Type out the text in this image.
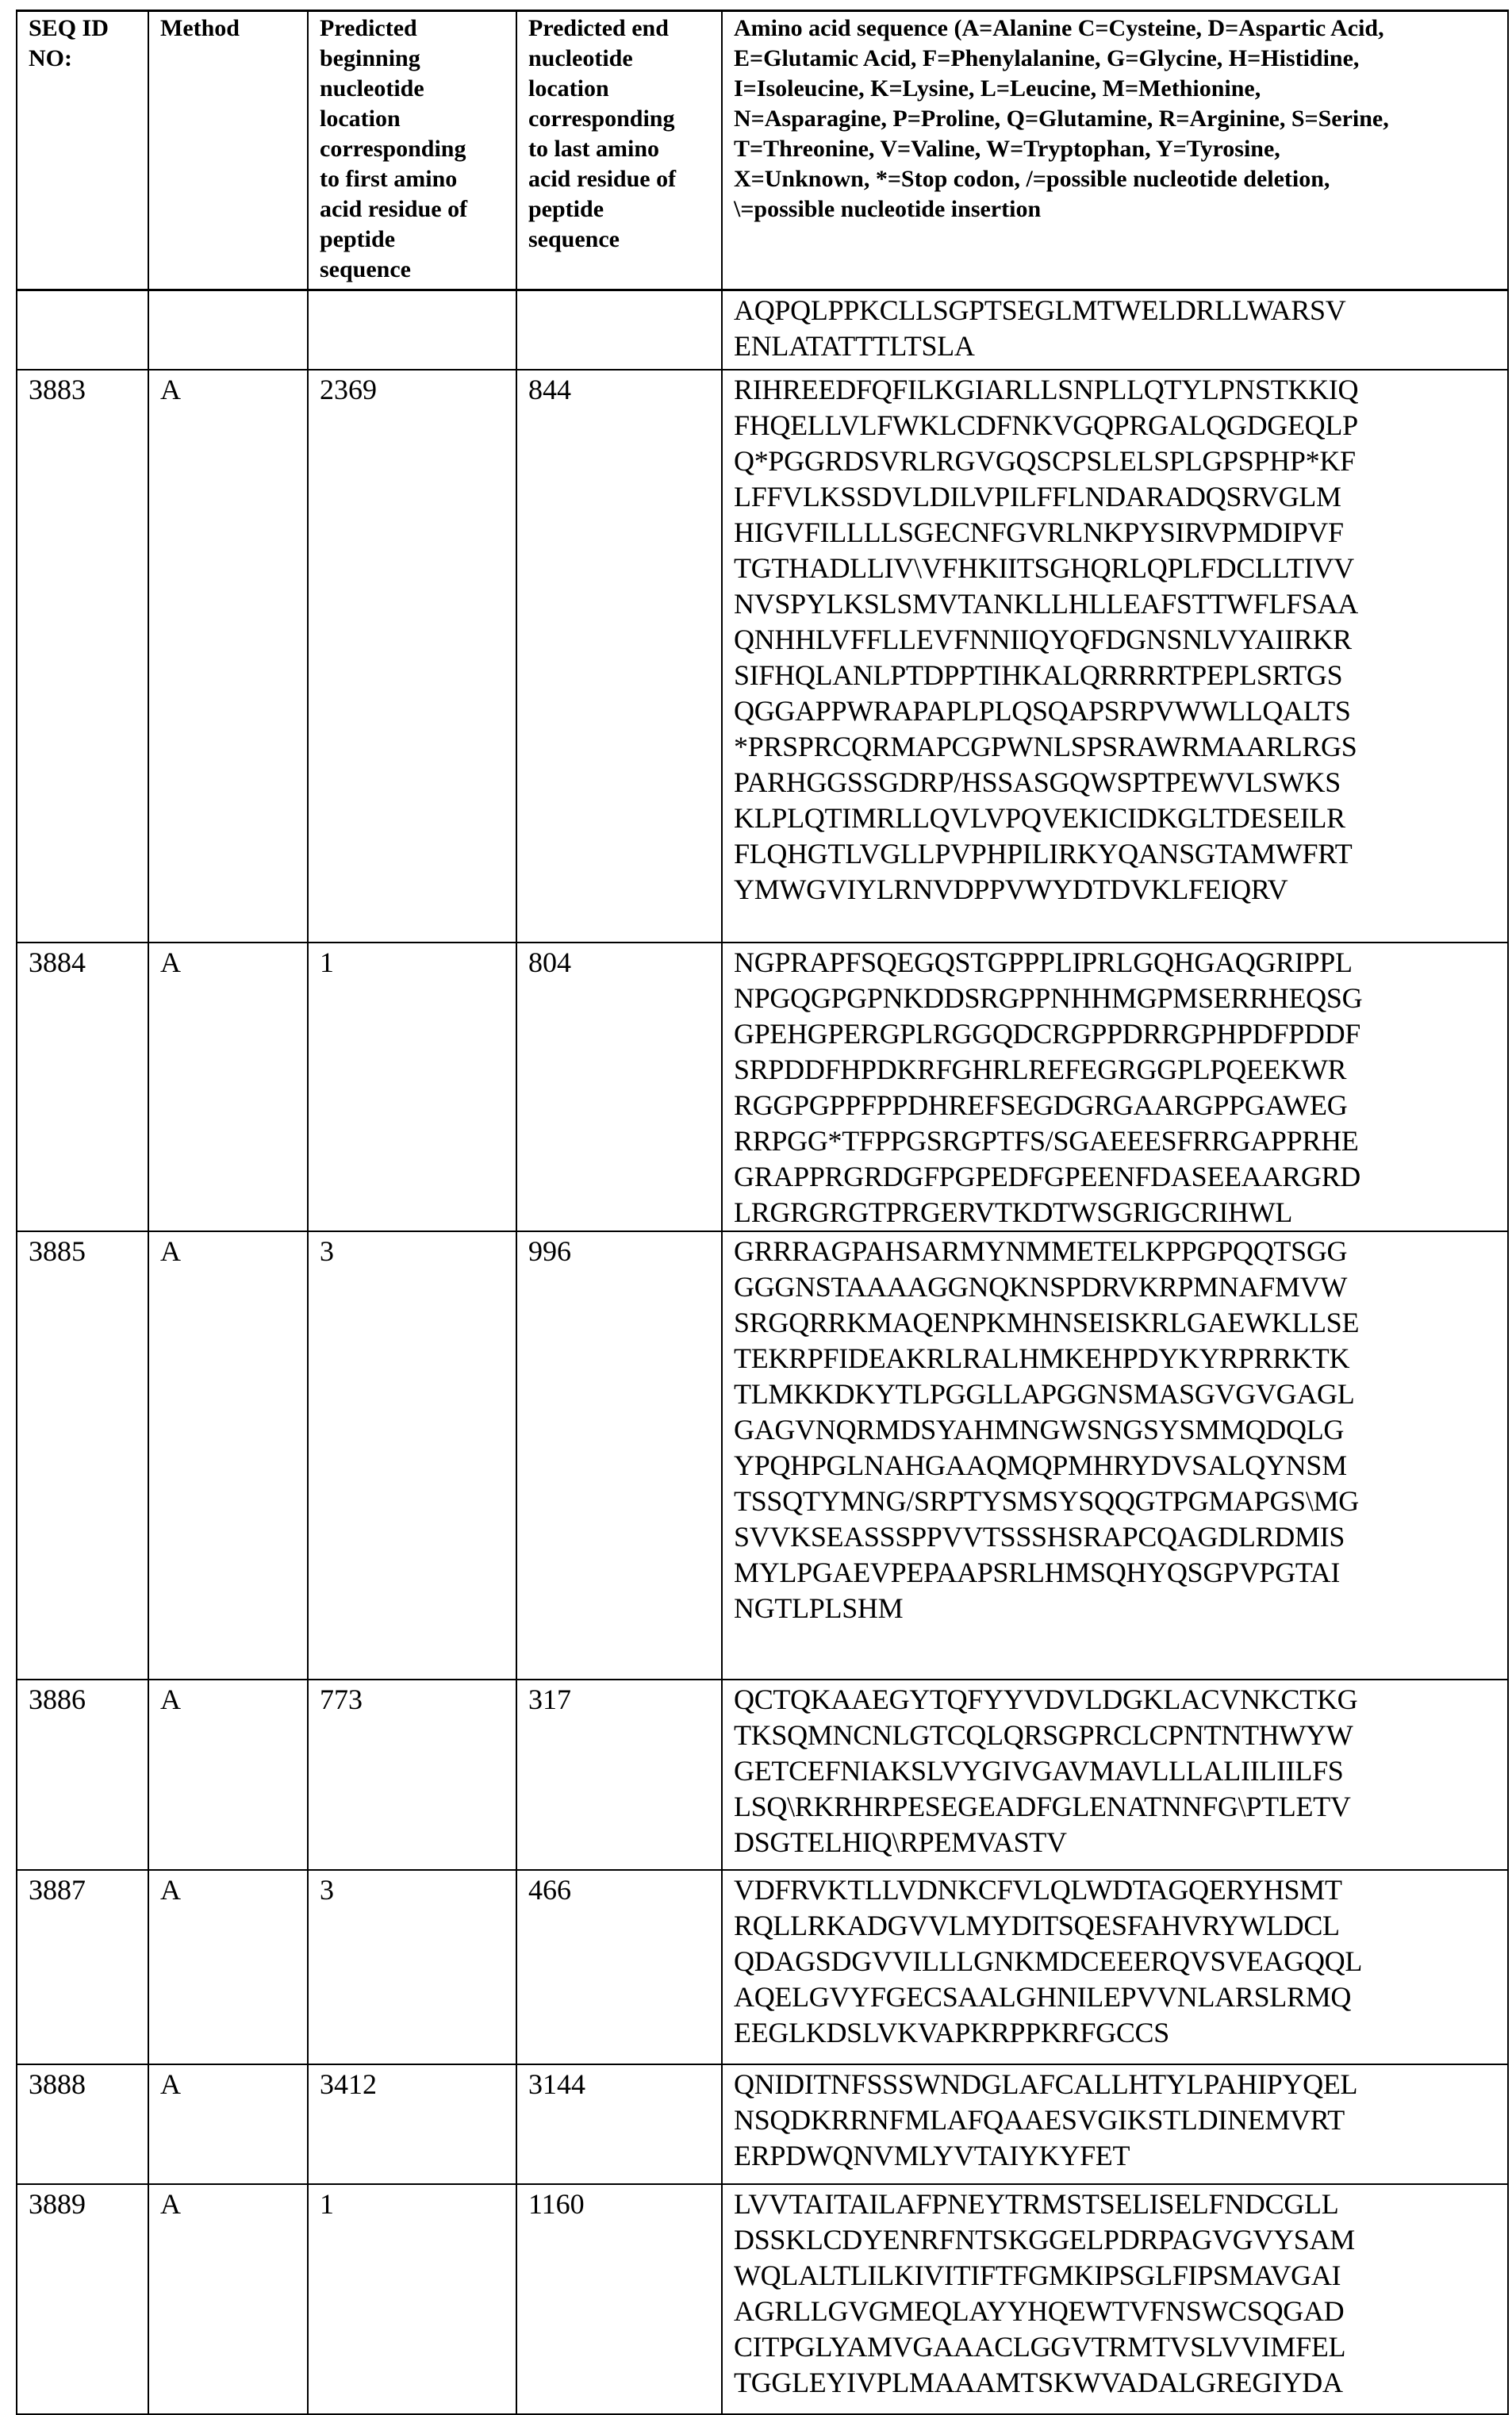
SEQ ID
NO:	Method	Predicted
beginning
nucleotide
location
corresponding
to first amino
acid residue of
peptide
sequence	Predicted end
nucleotide
location
corresponding
to last amino
acid residue of
peptide
sequence	Amino acid sequence (A=Alanine C=Cysteine, D=Aspartic Acid,
E=Glutamic Acid, F=Phenylalanine, G=Glycine, H=Histidine,
I=Isoleucine, K=Lysine, L=Leucine, M=Methionine,
N=Asparagine, P=Proline, Q=Glutamine, R=Arginine, S=Serine,
T=Threonine, V=Valine, W=Tryptophan, Y=Tyrosine,
X=Unknown, *=Stop codon, /=possible nucleotide deletion,
\=possible nucleotide insertion

AQPQLPPKCLLSGPTSEGLMTWELDRLLWARSV
ENLATATTTLTSLA

3883	A	2369	844	RIHREEDFQFILKGIARLLSNPLLQTYLPNSTKKIQ
FHQELLVLFWKLCDFNKVGQPRGALQGDGEQLP
Q*PGGRDSVRLRGVGQSCPSLELSPLGPSPHP*KF
LFFVLKSSDVLDILVPILFFLNDARADQSRVGLM
HIGVFILLLLSGECNFGVRLNKPYSIRVPMDIPVF
TGTHADLLIV\VFHKIITSGHQRLQPLFDCLLTIVV
NVSPYLKSLSMVTANKLLHLLEAFSTTWFLFSAA
QNHHLVFFLLEVFNNIIQYQFDGNSNLVYAIIRKR
SIFHQLANLPTDPPTIHKALQRRRRTPEPLSRTGS
QGGAPPWRAPAPLPLQSQAPSRPVWWLLQALTS
*PRSPRCQRMAPCGPWNLSPSRAWRMAARLRGS
PARHGGSSGDRP/HSSASGQWSPTPEWVLSWKS
KLPLQTIMRLLQVLVPQVEKICIDKGLTDESEILR
FLQHGTLVGLLPVPHPILIRKYQANSGTAMWFRT
YMWGVIYLRNVDPPVWYDTDVKLFEIQRV

3884	A	1	804	NGPRAPFSQEGQSTGPPPLIPRLGQHGAQGRIPPL
NPGQGPGPNKDDSRGPPNHHMGPMSERRHEQSG
GPEHGPERGPLRGGQDCRGPPDRRGPHPDFPDDF
SRPDDFHPDKRFGHRLREFEGRGGPLPQEEKWR
RGGPGPPFPPDHREFSEGDGRGAARGPPGAWEG
RRPGG*TFPPGSRGPTFS/SGAEEESFRRGAPPRHE
GRAPPRGRDGFPGPEDFGPEENFDASEEAARGRD
LRGRGRGTPRGERVTKDTWSGRIGCRIHWL

3885	A	3	996	GRRRAGPAHSARMYNMMETELKPPGPQQTSGG
GGGNSTAAAAGGNQKNSPDRVKRPMNAFMVW
SRGQRRKMAQENPKMHNSEISKRLGAEWKLLSE
TEKRPFIDEAKRLRALHMKEHPDYKYRPRRKTK
TLMKKDKYTLPGGLLAPGGNSMASGVGVGAGL
GAGVNQRMDSYAHMNGWSNGSYSMMQDQLG
YPQHPGLNAHGAAQMQPMHRYDVSALQYNSM
TSSQTYMNG/SRPTYSMSYSQQGTPGMAPGS\MG
SVVKSEASSSPPVVTSSSHSRAPCQAGDLRDMIS
MYLPGAEVPEPAAPSRLHMSQHYQSGPVPGTAI
NGTLPLSHM

3886	A	773	317	QCTQKAAEGYTQFYYVDVLDGKLACVNKCTKG
TKSQMNCNLGTCQLQRSGPRCLCPNTNTHWYW
GETCEFNIAKSLVYGIVGAVMAVLLLALIILIILFS
LSQ\RKRHRPESEGEADFGLENATNNFG\PTLETV
DSGTELHIQ\RPEMVASTV

3887	A	3	466	VDFRVKTLLVDNKCFVLQLWDTAGQERYHSMT
RQLLRKADGVVLMYDITSQESFAHVRYWLDCL
QDAGSDGVVILLLGNKMDCEEERQVSVEAGQQL
AQELGVYFGECSAALGHNILEPVVNLARSLRMQ
EEGLKDSLVKVAPKRPPKRFGCCS

3888	A	3412	3144	QNIDITNFSSSWNDGLAFCALLHTYLPAHIPYQEL
NSQDKRRNFMLAFQAAESVGIKSTLDINEMVRT
ERPDWQNVMLYVTAIYKYFET

3889	A	1	1160	LVVTAITAILAFPNEYTRMSTSELISELFNDCGLL
DSSKLCDYENRFNTSKGGELPDRPAGVGVYSAM
WQLALTLILKIVITIFTFGMKIPSGLFIPSMAVGAI
AGRLLGVGMEQLAYYHQEWTVFNSWCSQGAD
CITPGLYAMVGAAACLGGVTRMTVSLVVIMFEL
TGGLEYIVPLMAAAMTSKWVADALGREGIYDA
